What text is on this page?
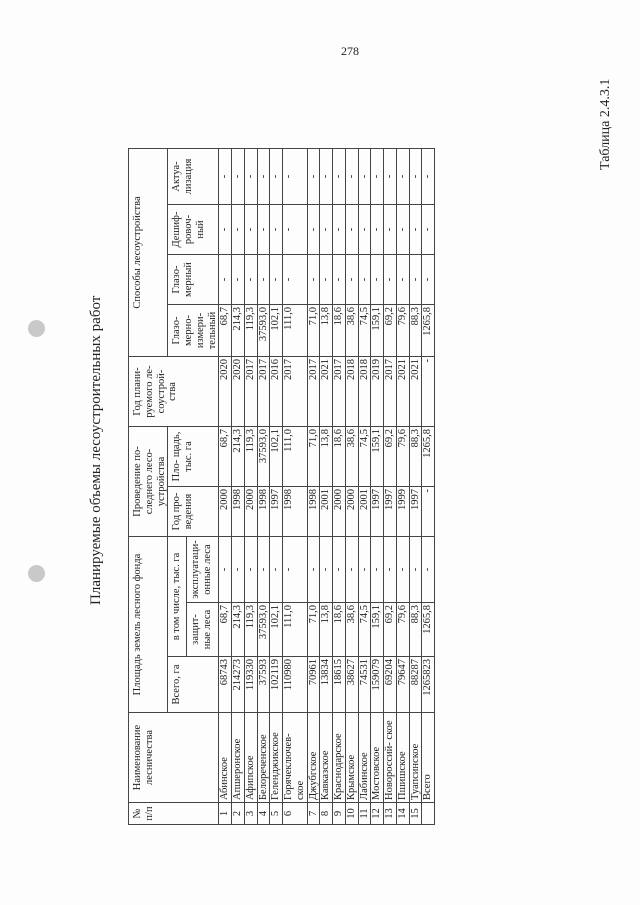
278
Таблица 2.4.3.1
Планируемые объемы лесоустроительных работ
№ п/п	Наименование лесничества	Площадь земель лесного фонда			Проведение по- следнего лесо- устройства		Год плани- руемого ле- соустрой- ства	Способы лесоустройства			
		Всего, га	в том числе, тыс. га		Год про- ведения	Пло- щадь, тыс. га		Глазо- мерно- измери- тельный	Глазо- мерный	Дешиф- ровоч- ный	Актуа- лизация
			защит- ные леса	эксплуатаци- онные леса							
1	Абинское	68743	68,7	-	2000	68,7	2020	68,7	-	-	-
2	Апшеронское	214273	214,3	-	1998	214,3	2020	214,3	-	-	-
3	Афипское	119330	119,3	-	2000	119,3	2017	119,3	-	-	-
4	Белореченское	37593	37593,0	-	1998	37593,0	2017	37593,0	-	-	-
5	Геленджикское	102119	102,1	-	1997	102,1	2016	102,1	-	-	-
6	Горячеключев- ское	110980	111,0	-	1998	111,0	2017	111,0	-	-	-
7	Джубгское	70961	71,0	-	1998	71,0	2017	71,0	-	-	-
8	Кавказское	13834	13,8	-	2001	13,8	2021	13,8	-	-	-
9	Краснодарское	18615	18,6	-	2000	18,6	2017	18,6	-	-	-
10	Крымское	38627	38,6	-	2000	38,6	2018	38,6	-	-	-
11	Лабинское	74531	74,5	-	2001	74,5	2018	74,5	-	-	-
12	Мостовское	159079	159,1	-	1997	159,1	2019	159,1	-	-	-
13	Новороссий- ское	69204	69,2	-	1997	69,2	2017	69,2	-	-	-
14	Пшишское	79647	79,6	-	1999	79,6	2021	79,6	-	-	-
15	Туапсинское	88287	88,3	-	1997	88,3	2021	88,3	-	-	-
	Всего	1265823	1265,8	-	-	1265,8	-	1265,8	-	-	-
